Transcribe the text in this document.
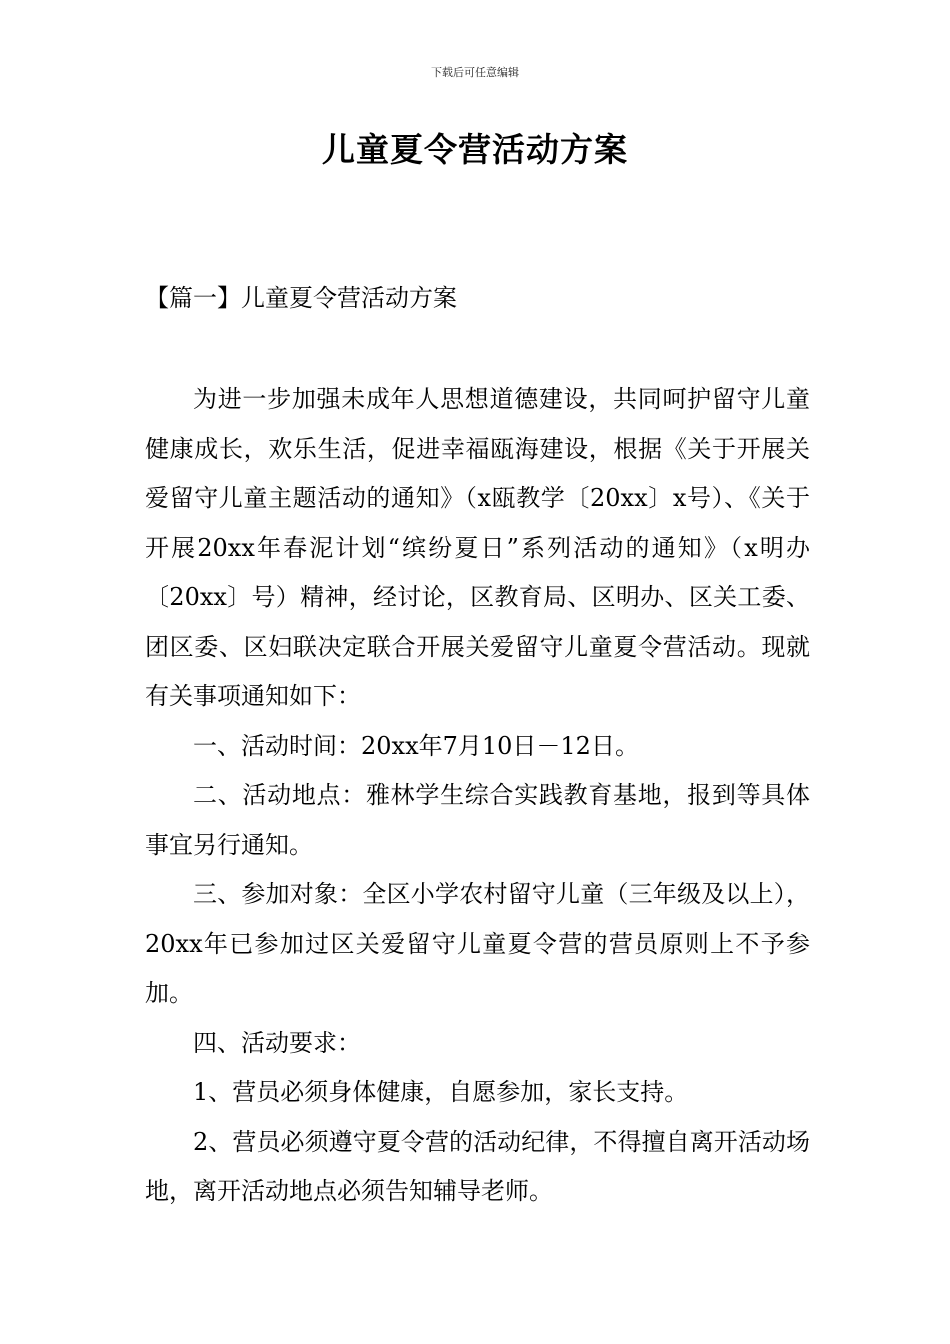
下载后可任意编辑
儿童夏令营活动方案
【篇一】儿童夏令营活动方案

为进一步加强未成年人思想道德建设，共同呵护留守儿童健康成长，欢乐生活，促进幸福瓯海建设，根据《关于开展关爱留守儿童主题活动的通知》（x瓯教学〔20xx〕x号）、《关于开展20xx年春泥计划“缤纷夏日”系列活动的通知》（x明办〔20xx〕号）精神，经讨论，区教育局、区明办、区关工委、团区委、区妇联决定联合开展关爱留守儿童夏令营活动。现就有关事项通知如下：

一、活动时间：20xx年7月10日－12日。

二、活动地点：雅林学生综合实践教育基地，报到等具体事宜另行通知。

三、参加对象：全区小学农村留守儿童（三年级及以上），20xx年已参加过区关爱留守儿童夏令营的营员原则上不予参加。

四、活动要求：

1、营员必须身体健康，自愿参加，家长支持。

2、营员必须遵守夏令营的活动纪律，不得擅自离开活动场地，离开活动地点必须告知辅导老师。
